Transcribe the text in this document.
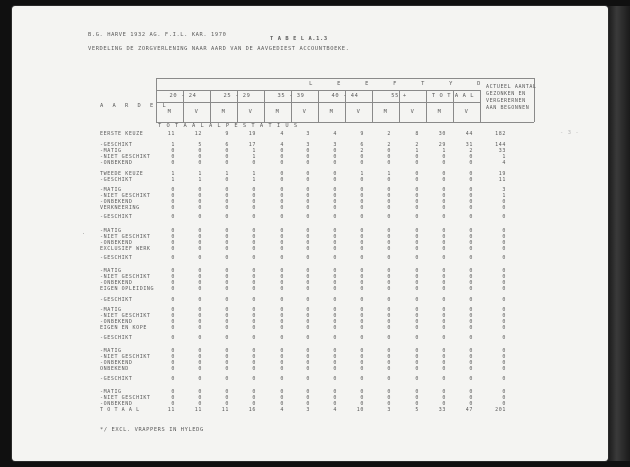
B.G. HARVE 1932 AG. F.I.L. KAR. 1970
T A B E L A.1.3
VERDELING DE ZORGVERLENING NAAR AARD VAN DE AAVGEDIEST ACCOUNTBOEKE.
L	E	E	F	T	Y	D
20 - 24	25 - 29	35 - 39	40 - 44	55 +	T O T A A L
M	V	M	V	M	V	M	V	M	V	M	V
A A R D E L
ACTUEEL AANTAL
GEZONKEN EN
VERGERERNEN
AAN BEGONNEN
T O T A A L A L P E S T A T I U S
EERSTE KEUZE	11	12	9	19	4	3	4	9	2	8	30	44	182
-GESCHIKT	1	5	6	17	4	3	3	6	2	2	29	31	144
-MATIG	0	0	0	1	0	0	0	2	0	1	1	2	33
-NIET GESCHIKT	0	0	0	1	0	0	0	0	0	0	0	0	1
-ONBEKEND	0	0	0	0	0	0	0	0	0	0	0	0	4
TWEEDE KEUZE	1	1	1	1	0	0	0	1	1	0	0	0	19
-GESCHIKT	1	1	0	1	0	0	0	0	0	0	0	0	11
-MATIG	0	0	0	0	0	0	0	0	0	0	0	0	3
-NIET GESCHIKT	0	0	0	0	0	0	0	0	0	0	0	0	1
-ONBEKEND	0	0	0	0	0	0	0	0	0	0	0	0	0
VERKNEERING	0	0	0	0	0	0	0	0	0	0	0	0	0
-GESCHIKT	0	0	0	0	0	0	0	0	0	0	0	0	0
-MATIG	0	0	0	0	0	0	0	0	0	0	0	0	0
-NIET GESCHIKT	0	0	0	0	0	0	0	0	0	0	0	0	0
-ONBEKEND	0	0	0	0	0	0	0	0	0	0	0	0	0
EXCLUSIEF WERK	0	0	0	0	0	0	0	0	0	0	0	0	0
-GESCHIKT	0	0	0	0	0	0	0	0	0	0	0	0	0
-MATIG	0	0	0	0	0	0	0	0	0	0	0	0	0
-NIET GESCHIKT	0	0	0	0	0	0	0	0	0	0	0	0	0
-ONBEKEND	0	0	0	0	0	0	0	0	0	0	0	0	0
EIGEN OPLEIDING	0	0	0	0	0	0	0	0	0	0	0	0	0
-GESCHIKT	0	0	0	0	0	0	0	0	0	0	0	0	0
-MATIG	0	0	0	0	0	0	0	0	0	0	0	0	0
-NIET GESCHIKT	0	0	0	0	0	0	0	0	0	0	0	0	0
-ONBEKEND	0	0	0	0	0	0	0	0	0	0	0	0	0
EIGEN EN KOPE	0	0	0	0	0	0	0	0	0	0	0	0	0
-GESCHIKT	0	0	0	0	0	0	0	0	0	0	0	0	0
-MATIG	0	0	0	0	0	0	0	0	0	0	0	0	0
-NIET GESCHIKT	0	0	0	0	0	0	0	0	0	0	0	0	0
-ONBEKEND	0	0	0	0	0	0	0	0	0	0	0	0	0
ONBEKEND	0	0	0	0	0	0	0	0	0	0	0	0	0
-GESCHIKT	0	0	0	0	0	0	0	0	0	0	0	0	0
-MATIG	0	0	0	0	0	0	0	0	0	0	0	0	0
-NIET GESCHIKT	0	0	0	0	0	0	0	0	0	0	0	0	0
-ONBEKEND	0	0	0	0	0	0	0	0	0	0	0	0	0
T O T A A L	11	11	11	16	4	3	4	10	3	5	33	47	201
*/ EXCL. VRAPPERS IN HYLEDG
- 3 -
.
